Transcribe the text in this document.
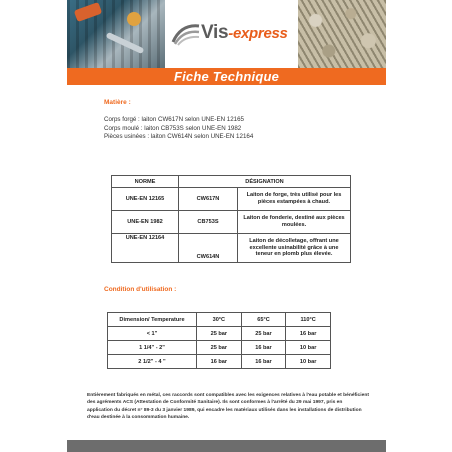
Vis-express
Fiche Technique
Matière :
Corps forgé : laiton CW617N selon UNE-EN 12165
Corps moulé : laiton CB753S selon UNE-EN 1982
Pièces usinées : laiton CW614N selon UNE-EN 12164
NORME	DÉSIGNATION	
UNE-EN 12165	CW617N	Laiton de forge, très utilisé pour les pièces estampées à chaud.
UNE-EN 1982	CB753S	Laiton de fonderie, destiné aux pièces moulées.
UNE-EN 12164	CW614N	Laiton de décolletage, offrant une excellente usinabilité grâce à une teneur en plomb plus élevée.
Condition d'utilisation :
Dimension/ Temperature	30°C	65°C	110°C
< 1"	25 bar	25 bar	16 bar
1 1/4" - 2"	25 bar	16 bar	10 bar
2 1/2" - 4 "	16 bar	16 bar	10 bar
Entièrement fabriqués en métal, ces raccords sont compatibles avec les exigences relatives à l'eau potable et bénéficient des agréments ACS (Attestation de Conformité Sanitaire). Ils sont conformes à l'arrêté du 29 mai 1997, pris en application du décret n° 89-3 du 3 janvier 1989, qui encadre les matériaux utilisés dans les installations de distribution d'eau destinée à la consommation humaine.
